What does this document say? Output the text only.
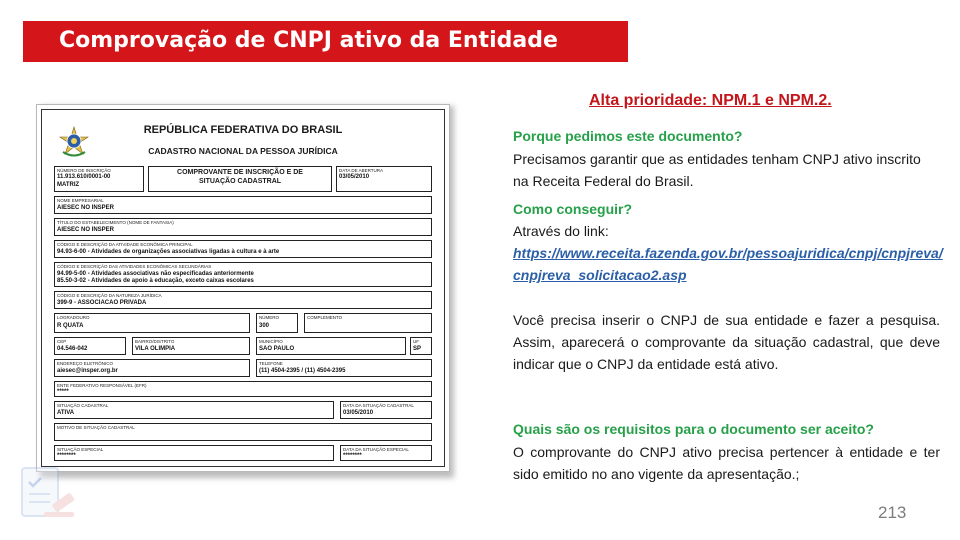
Comprovação de CNPJ ativo da Entidade
REPÚBLICA FEDERATIVA DO BRASIL
CADASTRO NACIONAL DA PESSOA JURÍDICA
NÚMERO DE INSCRIÇÃO
11.913.610/0001-00
MATRIZ
COMPROVANTE DE INSCRIÇÃO E DE
SITUAÇÃO CADASTRAL
DATA DE ABERTURA
03/05/2010
NOME EMPRESARIAL
AIESEC NO INSPER
TÍTULO DO ESTABELECIMENTO (NOME DE FANTASIA)
AIESEC NO INSPER
CÓDIGO E DESCRIÇÃO DA ATIVIDADE ECONÔMICA PRINCIPAL
94.93-6-00 - Atividades de organizações associativas ligadas à cultura e à arte
CÓDIGO E DESCRIÇÃO DAS ATIVIDADES ECONÔMICAS SECUNDÁRIAS
94.99-5-00 - Atividades associativas não especificadas anteriormente
85.50-3-02 - Atividades de apoio à educação, exceto caixas escolares
CÓDIGO E DESCRIÇÃO DA NATUREZA JURÍDICA
399-9 - ASSOCIACAO PRIVADA
LOGRADOURO
R QUATA
NÚMERO
300
COMPLEMENTO
CEP
04.546-042
BAIRRO/DISTRITO
VILA OLIMPIA
MUNICÍPIO
SAO PAULO
UF
SP
ENDEREÇO ELETRÔNICO
aiesec@insper.org.br
TELEFONE
(11) 4504-2395 / (11) 4504-2395
ENTE FEDERATIVO RESPONSÁVEL (EFR)
*****
SITUAÇÃO CADASTRAL
ATIVA
DATA DA SITUAÇÃO CADASTRAL
03/05/2010
MOTIVO DE SITUAÇÃO CADASTRAL
SITUAÇÃO ESPECIAL
********
DATA DA SITUAÇÃO ESPECIAL
********
Alta prioridade: NPM.1 e NPM.2.
Porque pedimos este documento?
Precisamos garantir que as entidades tenham CNPJ ativo inscrito na Receita Federal do Brasil.
Como conseguir?
Através do link:
https://www.receita.fazenda.gov.br/pessoajuridica/cnpj/cnpjreva/cnpjreva_solicitacao2.asp
Você precisa inserir o CNPJ de sua entidade e fazer a pesquisa. Assim, aparecerá o comprovante da situação cadastral, que deve indicar que o CNPJ da entidade está ativo.
Quais são os requisitos para o documento ser aceito?
O comprovante do CNPJ ativo precisa pertencer à entidade e ter sido emitido no ano vigente da apresentação.;
213
